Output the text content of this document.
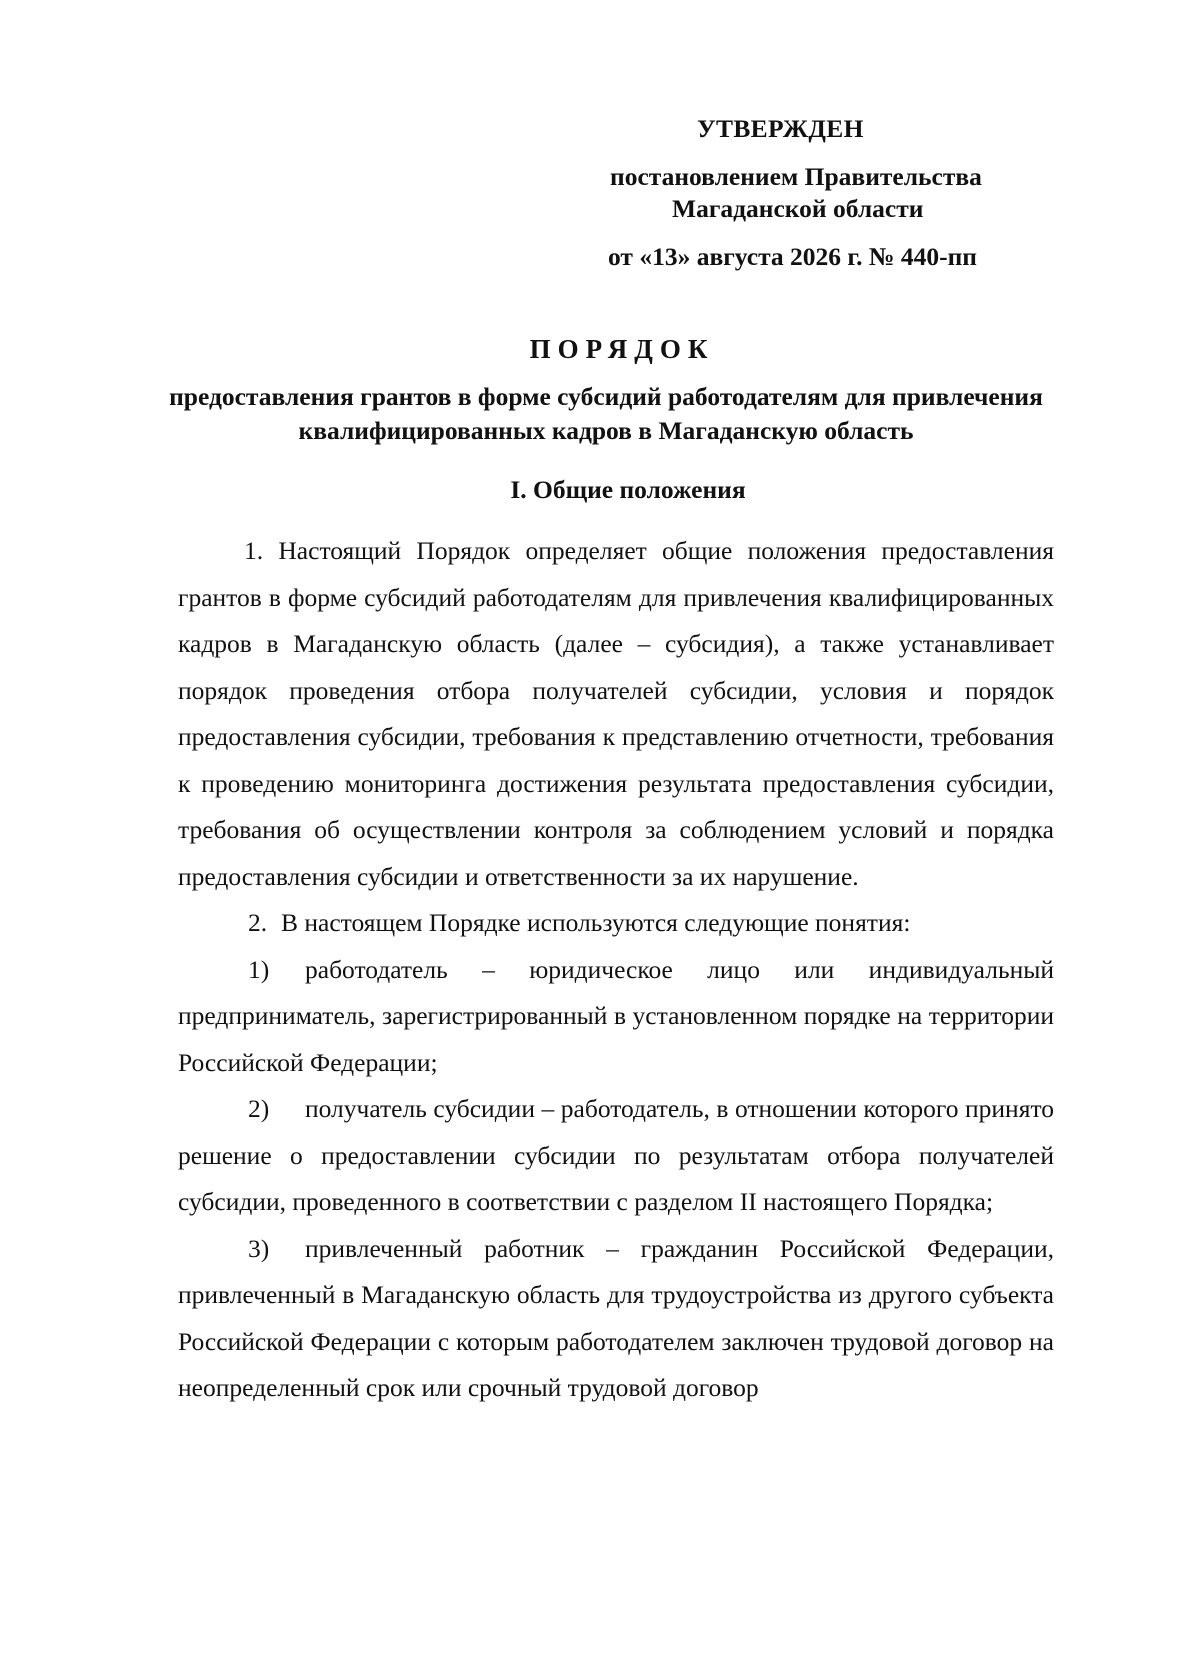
УТВЕРЖДЕН
постановлением Правительства
Магаданской области
от «13» августа 2026 г. № 440-пп
ПОРЯДОК
предоставления грантов в форме субсидий работодателям для привлечения квалифицированных кадров в Магаданскую область
I. Общие положения

1. Настоящий Порядок определяет общие положения предоставления грантов в форме субсидий работодателям для привлечения квалифицированных кадров в Магаданскую область (далее – субсидия), а также устанавливает порядок проведения отбора получателей субсидии, условия и порядок предоставления субсидии, требования к представлению отчетности, требования к проведению мониторинга достижения результата предоставления субсидии, требования об осуществлении контроля за соблюдением условий и порядка предоставления субсидии и ответственности за их нарушение.

2. В настоящем Порядке используются следующие понятия:

1) работодатель – юридическое лицо или индивидуальный предприниматель, зарегистрированный в установленном порядке на территории Российской Федерации;

2) получатель субсидии – работодатель, в отношении которого принято решение о предоставлении субсидии по результатам отбора получателей субсидии, проведенного в соответствии с разделом II настоящего Порядка;

3) привлеченный работник – гражданин Российской Федерации, привлеченный в Магаданскую область для трудоустройства из другого субъекта Российской Федерации с которым работодателем заключен трудовой договор на неопределенный срок или срочный трудовой договор
